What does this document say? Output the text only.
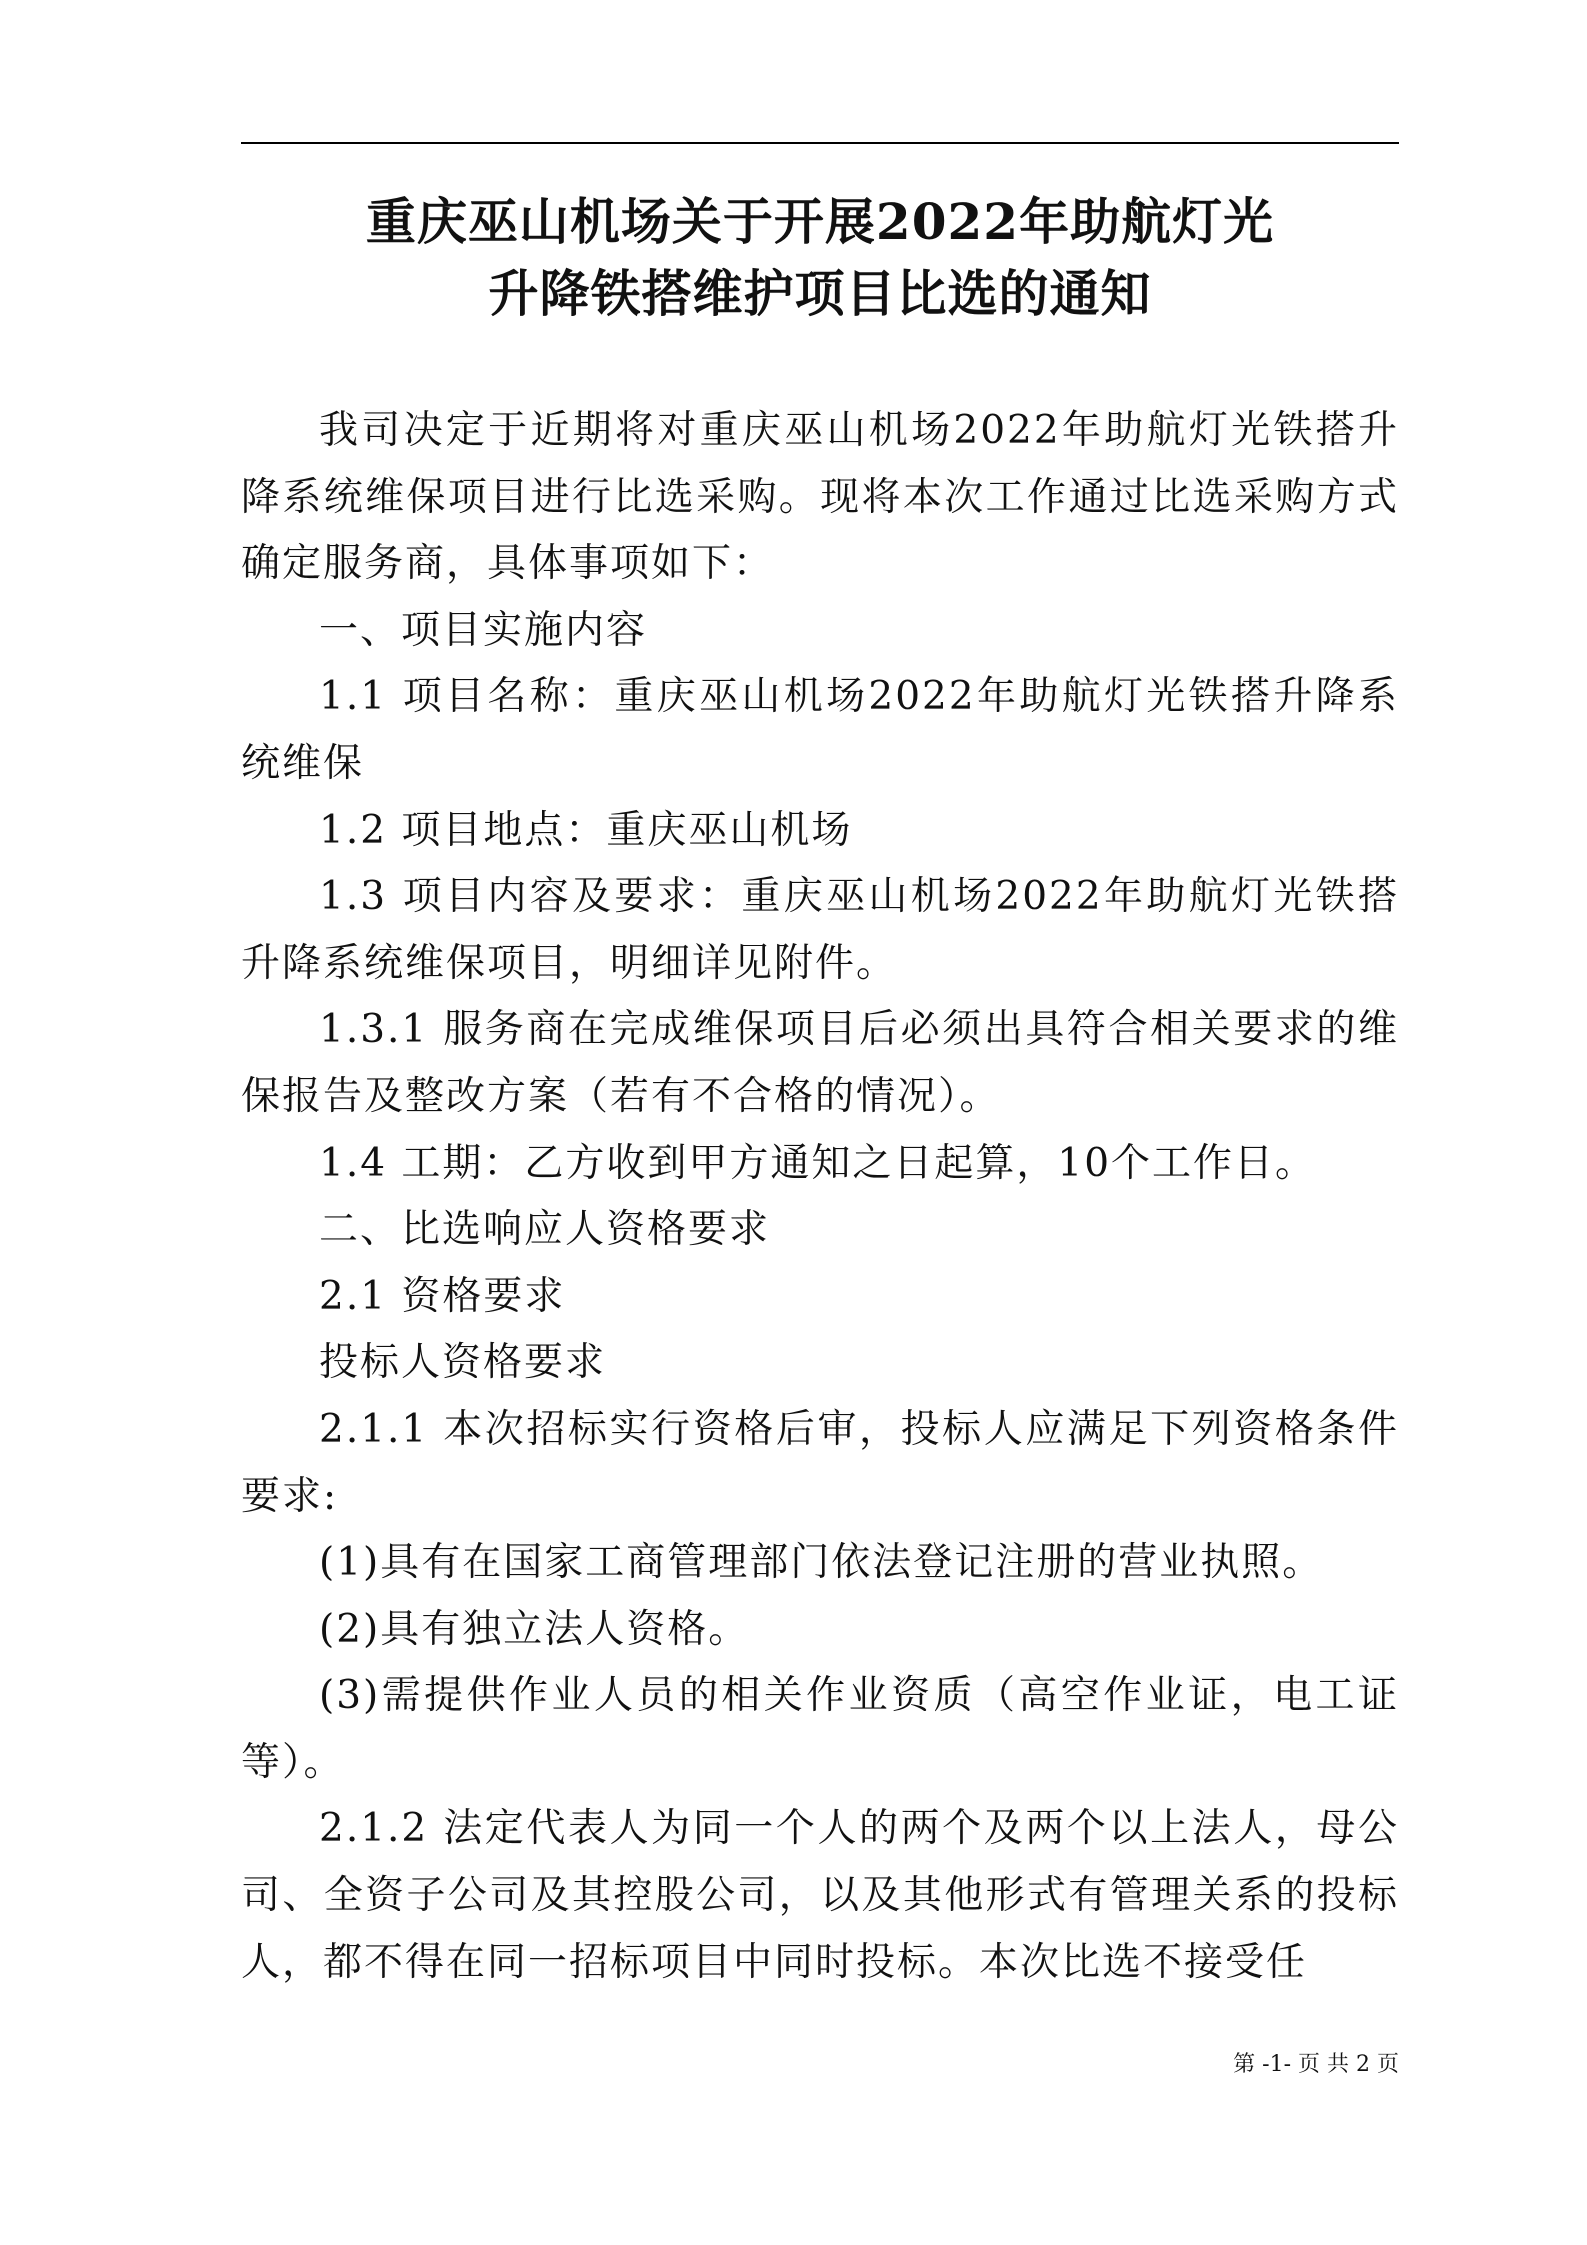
重庆巫山机场关于开展2022年助航灯光
升降铁搭维护项目比选的通知

我司决定于近期将对重庆巫山机场2022年助航灯光铁搭升降系统维保项目进行比选采购。现将本次工作通过比选采购方式确定服务商，具体事项如下：

一、项目实施内容

1.1 项目名称：重庆巫山机场2022年助航灯光铁搭升降系统维保

1.2 项目地点：重庆巫山机场

1.3 项目内容及要求：重庆巫山机场2022年助航灯光铁搭升降系统维保项目，明细详见附件。

1.3.1 服务商在完成维保项目后必须出具符合相关要求的维保报告及整改方案（若有不合格的情况）。

1.4 工期：乙方收到甲方通知之日起算，10个工作日。

二、比选响应人资格要求

2.1 资格要求

投标人资格要求

2.1.1 本次招标实行资格后审，投标人应满足下列资格条件要求:

(1)具有在国家工商管理部门依法登记注册的营业执照。

(2)具有独立法人资格。

(3)需提供作业人员的相关作业资质（高空作业证，电工证等）。

2.1.2 法定代表人为同一个人的两个及两个以上法人，母公司、全资子公司及其控股公司，以及其他形式有管理关系的投标人，都不得在同一招标项目中同时投标。本次比选不接受任

第 -1- 页 共 2 页
